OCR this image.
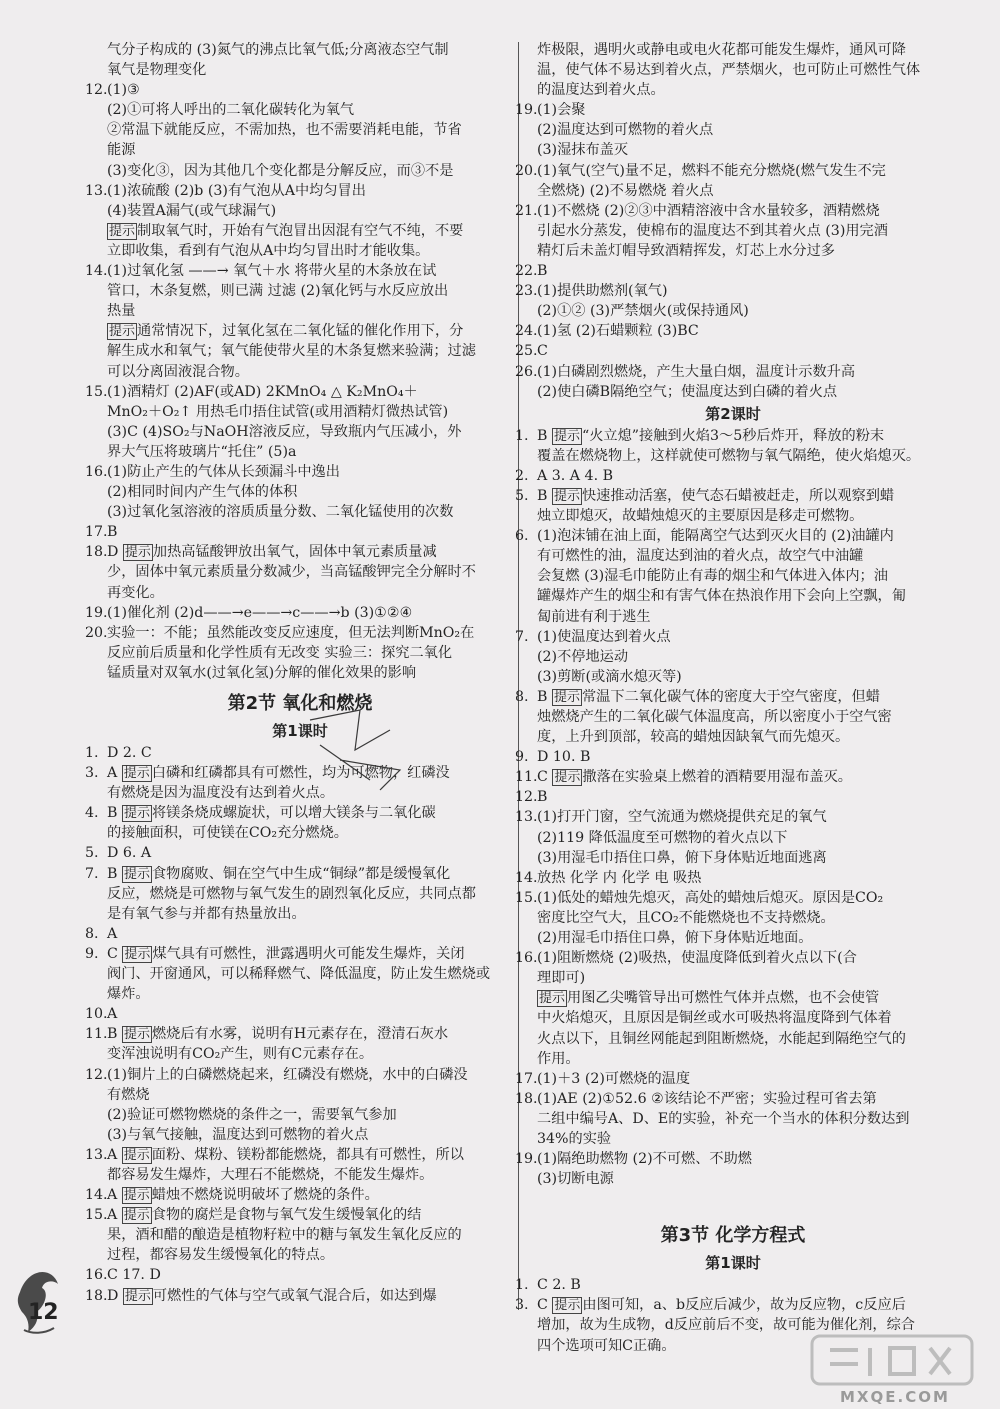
气分子构成的 (3)氮气的沸点比氧气低;分离液态空气制
氧气是物理变化
12.(1)③
(2)①可将人呼出的二氧化碳转化为氧气
②常温下就能反应，不需加热，也不需要消耗电能，节省
能源
(3)变化③，因为其他几个变化都是分解反应，而③不是
13.(1)浓硫酸 (2)b (3)有气泡从A中均匀冒出
(4)装置A漏气(或气球漏气)
提示 制取氧气时，开始有气泡冒出因混有空气不纯，不要
立即收集，看到有气泡从A中均匀冒出时才能收集。
14.(1)过氧化氢 ——→ 氧气＋水 将带火星的木条放在试
管口，木条复燃，则已满 过滤 (2)氧化钙与水反应放出
热量
提示 通常情况下，过氧化氢在二氧化锰的催化作用下，分
解生成水和氧气；氧气能使带火星的木条复燃来验满；过滤
可以分离固液混合物。
15.(1)酒精灯 (2)AF(或AD) 2KMnO₄ △ K₂MnO₄＋
MnO₂＋O₂↑ 用热毛巾捂住试管(或用酒精灯微热试管)
(3)C (4)SO₂与NaOH溶液反应，导致瓶内气压减小，外
界大气压将玻璃片“托住” (5)a
16.(1)防止产生的气体从长颈漏斗中逸出
(2)相同时间内产生气体的体积
(3)过氧化氢溶液的溶质质量分数、二氧化锰使用的次数
17.B
18.D 提示 加热高锰酸钾放出氧气，固体中氧元素质量减
少，固体中氧元素质量分数减少，当高锰酸钾完全分解时不
再变化。
19.(1)催化剂 (2)d——→e——→c——→b (3)①②④
20.实验一：不能；虽然能改变反应速度，但无法判断MnO₂在
反应前后质量和化学性质有无改变 实验三：探究二氧化
锰质量对双氧水(过氧化氢)分解的催化效果的影响
第2节 氧化和燃烧
第1课时
1. D 2. C
3. A 提示 白磷和红磷都具有可燃性，均为可燃物，红磷没
有燃烧是因为温度没有达到着火点。
4. B 提示 将镁条烧成螺旋状，可以增大镁条与二氧化碳
的接触面积，可使镁在CO₂充分燃烧。
5. D 6. A
7. B 提示 食物腐败、铜在空气中生成“铜绿”都是缓慢氧化
反应，燃烧是可燃物与氧气发生的剧烈氧化反应，共同点都
是有氧气参与并都有热量放出。
8. A
9. C 提示 煤气具有可燃性，泄露遇明火可能发生爆炸，关闭
阀门、开窗通风，可以稀释燃气、降低温度，防止发生燃烧或
爆炸。
10.A
11.B 提示 燃烧后有水雾，说明有H元素存在，澄清石灰水
变浑浊说明有CO₂产生，则有C元素存在。
12.(1)铜片上的白磷燃烧起来，红磷没有燃烧，水中的白磷没
有燃烧
(2)验证可燃物燃烧的条件之一，需要氧气参加
(3)与氧气接触，温度达到可燃物的着火点
13.A 提示 面粉、煤粉、镁粉都能燃烧，都具有可燃性，所以
都容易发生爆炸，大理石不能燃烧，不能发生爆炸。
14.A 提示 蜡烛不燃烧说明破坏了燃烧的条件。
15.A 提示 食物的腐烂是食物与氧气发生缓慢氧化的结
果，酒和醋的酿造是植物籽粒中的糖与氧发生氧化反应的
过程，都容易发生缓慢氧化的特点。
16.C 17. D
18.D 提示 可燃性的气体与空气或氧气混合后，如达到爆
炸极限，遇明火或静电或电火花都可能发生爆炸，通风可降
温，使气体不易达到着火点，严禁烟火，也可防止可燃性气体
的温度达到着火点。
19.(1)会聚
(2)温度达到可燃物的着火点
(3)湿抹布盖灭
20.(1)氧气(空气)量不足，燃料不能充分燃烧(燃气发生不完
全燃烧) (2)不易燃烧 着火点
21.(1)不燃烧 (2)②③中酒精溶液中含水量较多，酒精燃烧
引起水分蒸发，使棉布的温度达不到其着火点 (3)用完酒
精灯后未盖灯帽导致酒精挥发，灯芯上水分过多
22.B
23.(1)提供助燃剂(氧气)
(2)①② (3)严禁烟火(或保持通风)
24.(1)氢 (2)石蜡颗粒 (3)BC
25.C
26.(1)白磷剧烈燃烧，产生大量白烟，温度计示数升高
(2)使白磷B隔绝空气；使温度达到白磷的着火点
第2课时
1. B 提示 “火立熄”接触到火焰3～5秒后炸开，释放的粉末
覆盖在燃烧物上，这样就使可燃物与氧气隔绝，使火焰熄灭。
2. A 3. A 4. B
5. B 提示 快速推动活塞，使气态石蜡被赶走，所以观察到蜡
烛立即熄灭，故蜡烛熄灭的主要原因是移走可燃物。
6. (1)泡沫铺在油上面，能隔离空气达到灭火目的 (2)油罐内
有可燃性的油，温度达到油的着火点，故空气中油罐
会复燃 (3)湿毛巾能防止有毒的烟尘和气体进入体内；油
罐爆炸产生的烟尘和有害气体在热浪作用下会向上空飘，匍
匐前进有利于逃生
7. (1)使温度达到着火点
(2)不停地运动
(3)剪断(或滴水熄灭等)
8. B 提示 常温下二氧化碳气体的密度大于空气密度，但蜡
烛燃烧产生的二氧化碳气体温度高，所以密度小于空气密
度，上升到顶部，较高的蜡烛因缺氧气而先熄灭。
9. D 10. B
11.C 提示 撒落在实验桌上燃着的酒精要用湿布盖灭。
12.B
13.(1)打开门窗，空气流通为燃烧提供充足的氧气
(2)119 降低温度至可燃物的着火点以下
(3)用湿毛巾捂住口鼻，俯下身体贴近地面逃离
14.放热 化学 内 化学 电 吸热
15.(1)低处的蜡烛先熄灭，高处的蜡烛后熄灭。原因是CO₂
密度比空气大，且CO₂不能燃烧也不支持燃烧。
(2)用湿毛巾捂住口鼻，俯下身体贴近地面。
16.(1)阻断燃烧 (2)吸热，使温度降低到着火点以下(合
理即可)
提示 用图乙尖嘴管导出可燃性气体并点燃，也不会使管
中火焰熄灭，且原因是铜丝或水可吸热将温度降到气体着
火点以下，且铜丝网能起到阻断燃烧，水能起到隔绝空气的
作用。
17.(1)＋3 (2)可燃烧的温度
18.(1)AE (2)①52.6 ②该结论不严密；实验过程可省去第
二组中编号A、D、E的实验，补充一个当水的体积分数达到
34%的实验
19.(1)隔绝助燃物 (2)不可燃、不助燃
(3)切断电源
第3节 化学方程式
第1课时
1. C 2. B
3. C 提示 由图可知，a、b反应后减少，故为反应物，c反应后
增加，故为生成物，d反应前后不变，故可能为催化剂，综合
四个选项可知C正确。
12
MXQE.COM
